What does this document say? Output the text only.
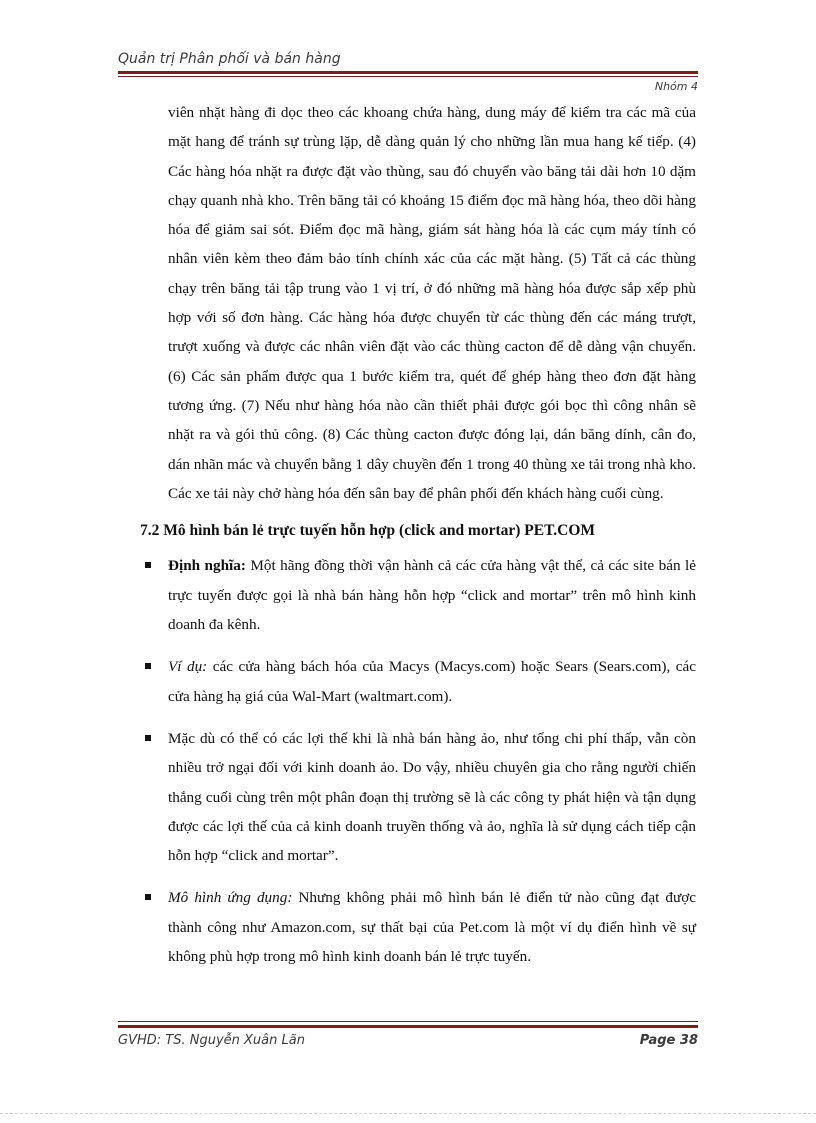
Quản trị Phân phối và bán hàng
Nhóm 4

viên nhặt hàng đi dọc theo các khoang chứa hàng, dung máy để kiểm tra các mã của mặt hang để tránh sự trùng lặp, dễ dàng quản lý cho những lần mua hang kế tiếp. (4) Các hàng hóa nhặt ra được đặt vào thùng, sau đó chuyển vào băng tải dài hơn 10 dặm chạy quanh nhà kho. Trên băng tải có khoảng 15 điểm đọc mã hàng hóa, theo dõi hàng hóa để giảm sai sót. Điểm đọc mã hàng, giám sát hàng hóa là các cụm máy tính có nhân viên kèm theo đảm bảo tính chính xác của các mặt hàng. (5) Tất cả các thùng chạy trên băng tải tập trung vào 1 vị trí, ở đó những mã hàng hóa được sắp xếp phù hợp với số đơn hàng. Các hàng hóa được chuyển từ các thùng đến các máng trượt, trượt xuống và được các nhân viên đặt vào các thùng cacton để dễ dàng vận chuyển. (6) Các sản phẩm được qua 1 bước kiểm tra, quét để ghép hàng theo đơn đặt hàng tương ứng. (7) Nếu như hàng hóa nào cần thiết phải được gói bọc thì công nhân sẽ nhặt ra và gói thủ công. (8) Các thùng cacton được đóng lại, dán băng dính, cân đo, dán nhãn mác và chuyển bằng 1 dây chuyền đến 1 trong 40 thùng xe tải trong nhà kho. Các xe tải này chở hàng hóa đến sân bay để phân phối đến khách hàng cuối cùng.

7.2 Mô hình bán lẻ trực tuyến hỗn hợp (click and mortar) PET.COM
Định nghĩa: Một hãng đồng thời vận hành cả các cửa hàng vật thể, cả các site bán lẻ trực tuyến được gọi là nhà bán hàng hỗn hợp “click and mortar” trên mô hình kinh doanh đa kênh.
Ví dụ: các cửa hàng bách hóa của Macys (Macys.com) hoặc Sears (Sears.com), các cửa hàng hạ giá của Wal-Mart (waltmart.com).
Mặc dù có thể có các lợi thế khi là nhà bán hàng ảo, như tổng chi phí thấp, vẫn còn nhiều trở ngại đối với kinh doanh ảo. Do vậy, nhiều chuyên gia cho rằng người chiến thắng cuối cùng trên một phân đoạn thị trường sẽ là các công ty phát hiện và tận dụng được các lợi thế của cả kinh doanh truyền thống và ảo, nghĩa là sử dụng cách tiếp cận hỗn hợp “click and mortar”.
Mô hình ứng dụng: Nhưng không phải mô hình bán lẻ điển tử nào cũng đạt được thành công như Amazon.com, sự thất bại của Pet.com là một ví dụ điển hình về sự không phù hợp trong mô hình kinh doanh bán lẻ trực tuyến.
GVHD: TS. Nguyễn Xuân Lãn	Page 38
